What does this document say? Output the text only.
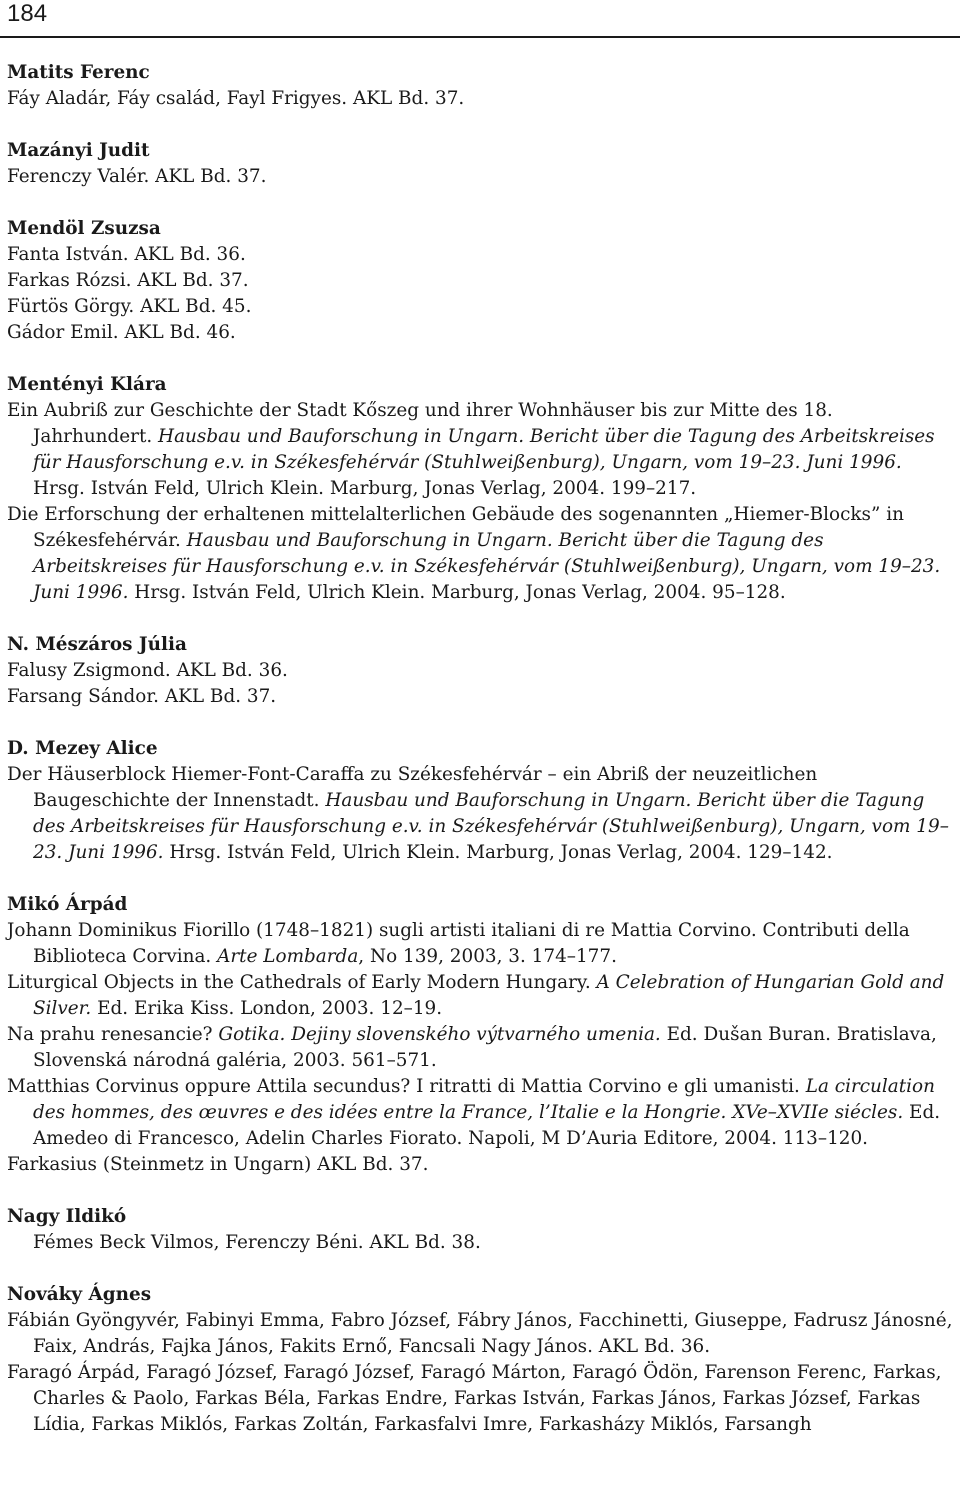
184
Matits Ferenc
Fáy Aladár, Fáy család, Fayl Frigyes. AKL Bd. 37.
Mazányi Judit
Ferenczy Valér. AKL Bd. 37.
Mendöl Zsuzsa
Fanta István. AKL Bd. 36.
Farkas Rózsi. AKL Bd. 37.
Fürtös Görgy. AKL Bd. 45.
Gádor Emil. AKL Bd. 46.
Mentényi Klára
Ein Aubriß zur Geschichte der Stadt Kőszeg und ihrer Wohnhäuser bis zur Mitte des 18. Jahrhundert. Hausbau und Bauforschung in Ungarn. Bericht über die Tagung des Arbeitskreises für Hausforschung e.v. in Székesfehérvár (Stuhlweißenburg), Ungarn, vom 19–23. Juni 1996. Hrsg. István Feld, Ulrich Klein. Marburg, Jonas Verlag, 2004. 199–217.
Die Erforschung der erhaltenen mittelalterlichen Gebäude des sogenannten „Hiemer-Blocks” in Székesfehérvár. Hausbau und Bauforschung in Ungarn. Bericht über die Tagung des Arbeitskreises für Hausforschung e.v. in Székesfehérvár (Stuhlweißenburg), Ungarn, vom 19–23. Juni 1996. Hrsg. István Feld, Ulrich Klein. Marburg, Jonas Verlag, 2004. 95–128.
N. Mészáros Júlia
Falusy Zsigmond. AKL Bd. 36.
Farsang Sándor. AKL Bd. 37.
D. Mezey Alice
Der Häuserblock Hiemer-Font-Caraffa zu Székesfehérvár – ein Abriß der neuzeitlichen Baugeschichte der Innenstadt. Hausbau und Bauforschung in Ungarn. Bericht über die Tagung des Arbeitskreises für Hausforschung e.v. in Székesfehérvár (Stuhlweißenburg), Ungarn, vom 19–23. Juni 1996. Hrsg. István Feld, Ulrich Klein. Marburg, Jonas Verlag, 2004. 129–142.
Mikó Árpád
Johann Dominikus Fiorillo (1748–1821) sugli artisti italiani di re Mattia Corvino. Contributi della Biblioteca Corvina. Arte Lombarda, No 139, 2003, 3. 174–177.
Liturgical Objects in the Cathedrals of Early Modern Hungary. A Celebration of Hungarian Gold and Silver. Ed. Erika Kiss. London, 2003. 12–19.
Na prahu renesancie? Gotika. Dejiny slovenského výtvarného umenia. Ed. Dušan Buran. Bratislava, Slovenská národná galéria, 2003. 561–571.
Matthias Corvinus oppure Attila secundus? I ritratti di Mattia Corvino e gli umanisti. La circulation des hommes, des œuvres e des idées entre la France, l’Italie e la Hongrie. XVe–XVIIe siécles. Ed. Amedeo di Francesco, Adelin Charles Fiorato. Napoli, M D’Auria Editore, 2004. 113–120.
Farkasius (Steinmetz in Ungarn) AKL Bd. 37.
Nagy Ildikó
Fémes Beck Vilmos, Ferenczy Béni. AKL Bd. 38.
Nováky Ágnes
Fábián Gyöngyvér, Fabinyi Emma, Fabro József, Fábry János, Facchinetti, Giuseppe, Fadrusz Jánosné, Faix, András, Fajka János, Fakits Ernő, Fancsali Nagy János. AKL Bd. 36.
Faragó Árpád, Faragó József, Faragó József, Faragó Márton, Faragó Ödön, Farenson Ferenc, Farkas, Charles & Paolo, Farkas Béla, Farkas Endre, Farkas István, Farkas János, Farkas József, Farkas Lídia, Farkas Miklós, Farkas Zoltán, Farkasfalvi Imre, Farkasházy Miklós, Farsangh
